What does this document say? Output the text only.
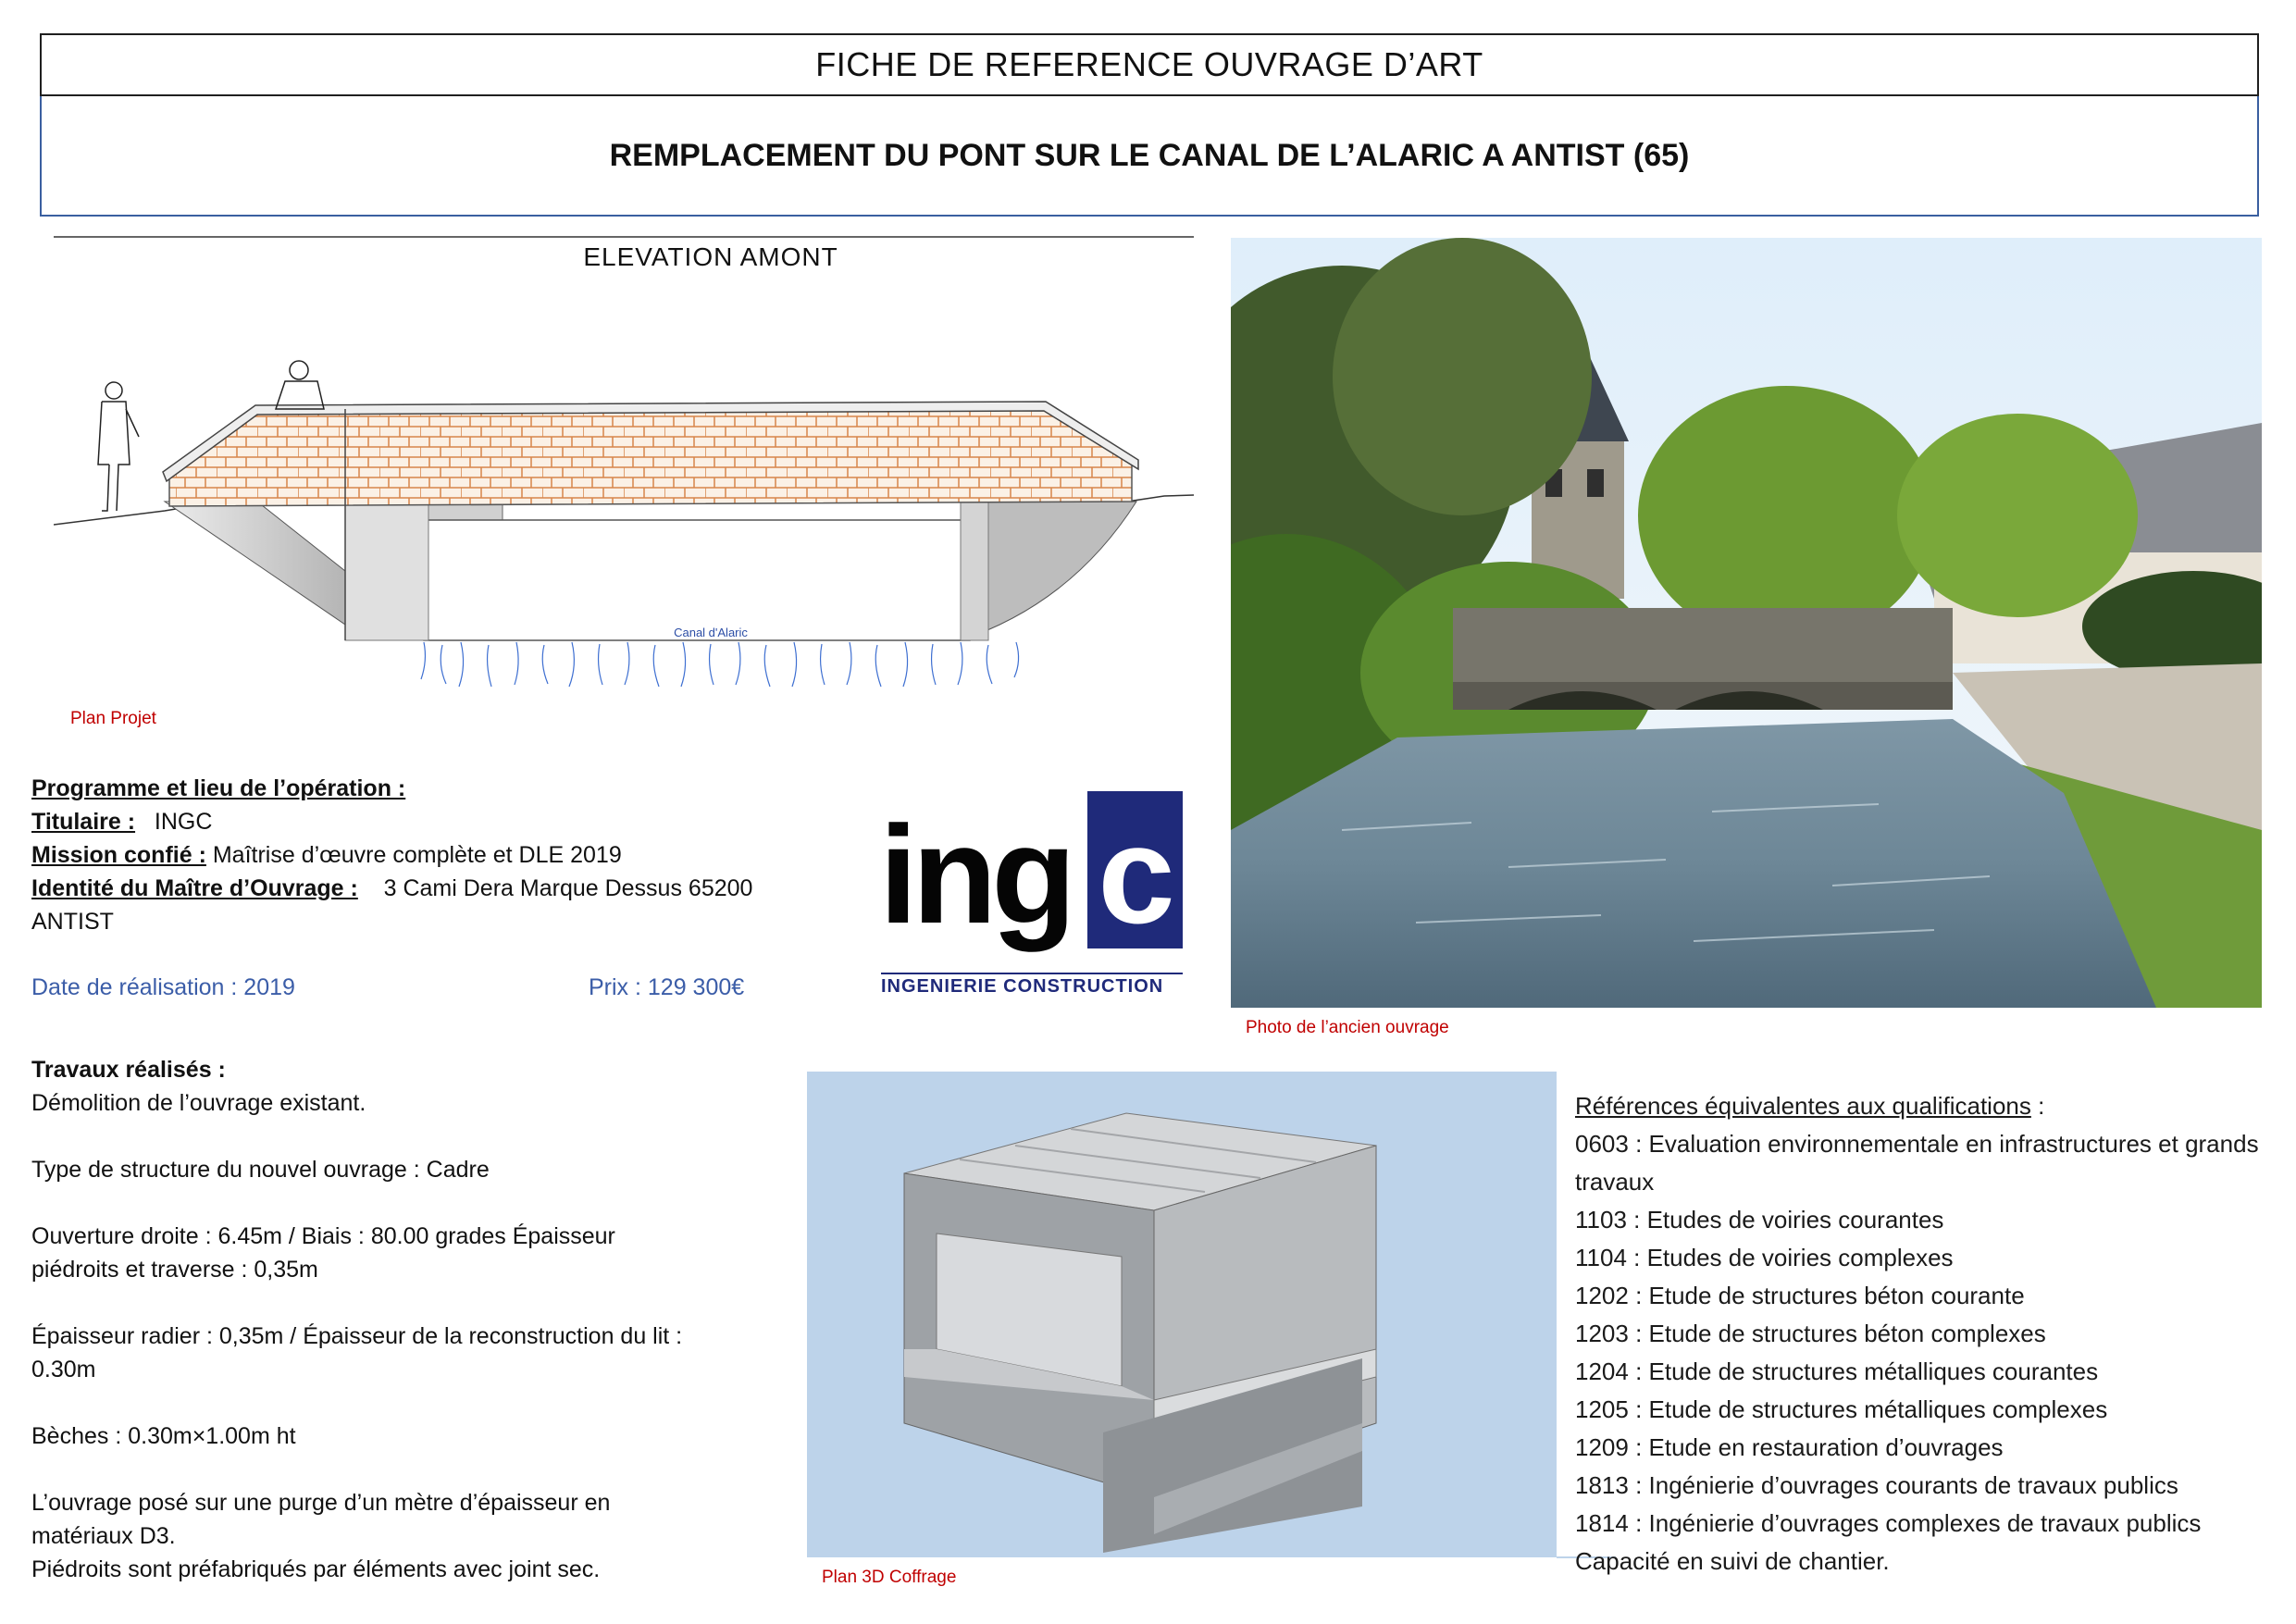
FICHE DE REFERENCE OUVRAGE D’ART
REMPLACEMENT DU PONT SUR LE CANAL DE L’ALARIC A ANTIST (65)
ELEVATION AMONT
Canal d'Alaric
Plan Projet
Photo de l’ancien ouvrage
Programme et lieu de l’opération :
Titulaire : INGC
Mission confié : Maîtrise d’œuvre complète et DLE 2019
Identité du Maître d’Ouvrage : 3 Cami Dera Marque Dessus 65200
ANTIST
Date de réalisation : 2019	Prix : 129 300€
ing c
INGENIERIE CONSTRUCTION
Travaux réalisés :
Démolition de l’ouvrage existant.
Type de structure du nouvel ouvrage : Cadre
Ouverture droite : 6.45m / Biais : 80.00 grades Épaisseur
piédroits et traverse : 0,35m
Épaisseur radier : 0,35m / Épaisseur de la reconstruction du lit :
0.30m
Bèches : 0.30m×1.00m ht
L’ouvrage posé sur une purge d’un mètre d’épaisseur en
matériaux D3.
Piédroits sont préfabriqués par éléments avec joint sec.	Plan 3D Coffrage
Références équivalentes aux qualifications :
0603 : Evaluation environnementale en infrastructures et grands travaux
1103 : Etudes de voiries courantes
1104 : Etudes de voiries complexes
1202 : Etude de structures béton courante
1203 : Etude de structures béton complexes
1204 : Etude de structures métalliques courantes
1205 : Etude de structures métalliques complexes
1209 : Etude en restauration d’ouvrages
1813 : Ingénierie d’ouvrages courants de travaux publics
1814 : Ingénierie d’ouvrages complexes de travaux publics
Capacité en suivi de chantier.
